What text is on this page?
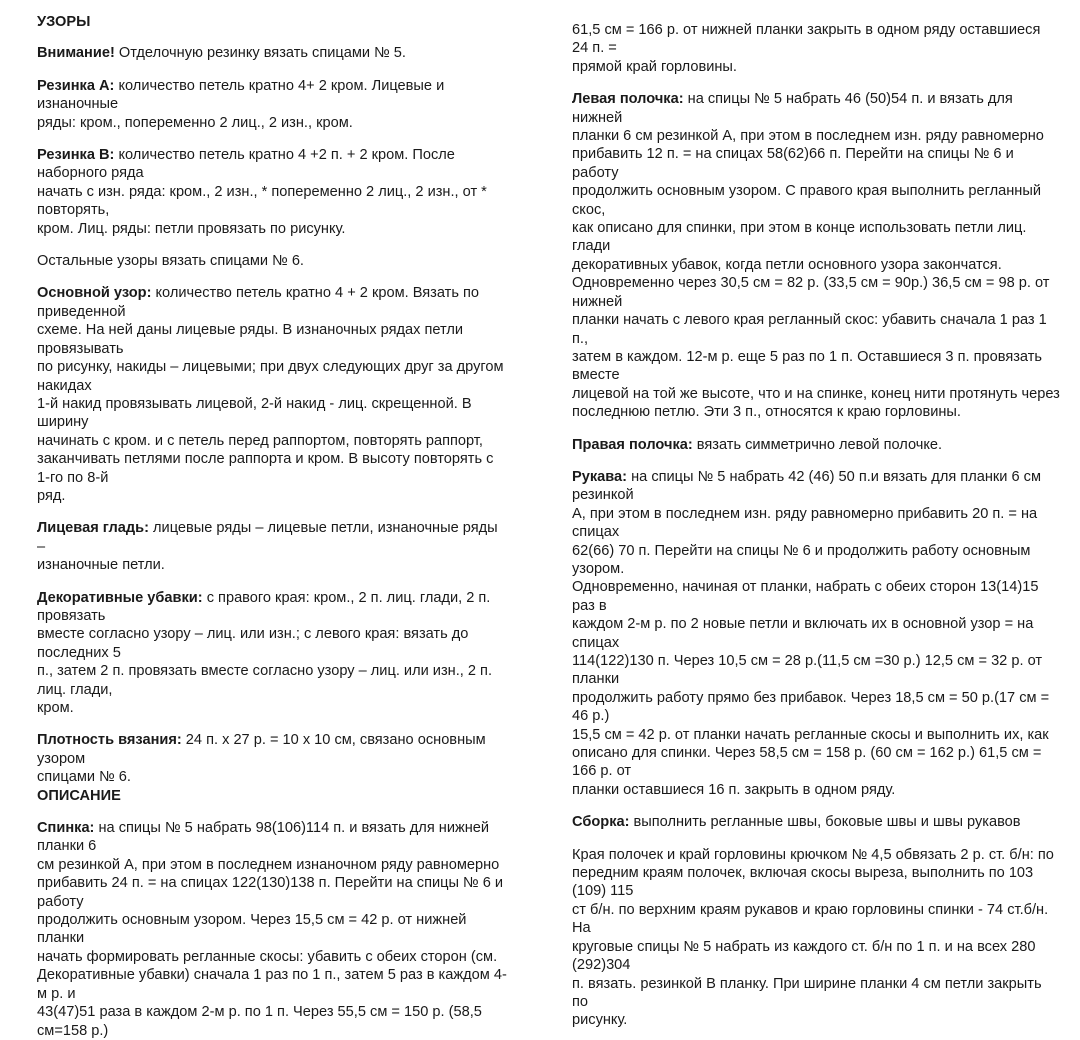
УЗОРЫ

Внимание! Отделочную резинку вязать спицами № 5.

Резинка А: количество петель кратно 4+ 2 кром. Лицевые и изнаночные
ряды: кром., попеременно 2 лиц., 2 изн., кром.

Резинка В: количество петель кратно 4 +2 п. + 2 кром. После наборного ряда
начать с изн. ряда: кром., 2 изн., * попеременно 2 лиц., 2 изн., от * повторять,
кром. Лиц. ряды: петли провязать по рисунку.

Остальные узоры вязать спицами № 6.

Основной узор: количество петель кратно 4 + 2 кром. Вязать по приведенной
схеме. На ней даны лицевые ряды. В изнаночных рядах петли провязывать
по рисунку, накиды – лицевыми; при двух следующих друг за другом накидах
1-й накид провязывать лицевой, 2-й накид - лиц. скрещенной. В ширину
начинать с кром. и с петель перед раппортом, повторять раппорт,
заканчивать петлями после раппорта и кром. В высоту повторять с 1-го по 8-й
ряд.

Лицевая гладь: лицевые ряды – лицевые петли, изнаночные ряды –
изнаночные петли.

Декоративные убавки: с правого края: кром., 2 п. лиц. глади, 2 п. провязать
вместе согласно узору – лиц. или изн.; с левого края: вязать до последних 5
п., затем 2 п. провязать вместе согласно узору – лиц. или изн., 2 п. лиц. глади,
кром.

Плотность вязания: 24 п. х 27 р. = 10 х 10 см, связано основным узором
спицами № 6.

ОПИСАНИЕ

Спинка: на спицы № 5 набрать 98(106)114 п. и вязать для нижней планки 6
см резинкой А, при этом в последнем изнаночном ряду равномерно
прибавить 24 п. = на спицах 122(130)138 п. Перейти на спицы № 6 и работу
продолжить основным узором. Через 15,5 см = 42 р. от нижней планки
начать формировать регланные скосы: убавить с обеих сторон (см.
Декоративные убавки) сначала 1 раз по 1 п., затем 5 раз в каждом 4-м р. и
43(47)51 раза в каждом 2-м р. по 1 п. Через 55,5 см = 150 р. (58,5 см=158 р.)

61,5 см = 166 р. от нижней планки закрыть в одном ряду оставшиеся 24 п. =
прямой край горловины.

Левая полочка: на спицы № 5 набрать 46 (50)54 п. и вязать для нижней
планки 6 см резинкой А, при этом в последнем изн. ряду равномерно
прибавить 12 п. = на спицах 58(62)66 п. Перейти на спицы № 6 и работу
продолжить основным узором. С правого края выполнить регланный скос,
как описано для спинки, при этом в конце использовать петли лиц. глади
декоративных убавок, когда петли основного узора закончатся.
Одновременно через 30,5 см = 82 р. (33,5 см = 90р.) 36,5 см = 98 р. от нижней
планки начать с левого края регланный скос: убавить сначала 1 раз 1 п.,
затем в каждом. 12-м р. еще 5 раз по 1 п. Оставшиеся 3 п. провязать вместе
лицевой на той же высоте, что и на спинке, конец нити протянуть через
последнюю петлю. Эти 3 п., относятся к краю горловины.

Правая полочка: вязать симметрично левой полочке.

Рукава: на спицы № 5 набрать 42 (46) 50 п.и вязать для планки 6 см резинкой
А, при этом в последнем изн. ряду равномерно прибавить 20 п. = на спицах
62(66) 70 п. Перейти на спицы № 6 и продолжить работу основным узором.
Одновременно, начиная от планки, набрать с обеих сторон 13(14)15 раз в
каждом 2-м р. по 2 новые петли и включать их в основной узор = на спицах
114(122)130 п. Через 10,5 см = 28 р.(11,5 см =30 р.) 12,5 см = 32 р. от планки
продолжить работу прямо без прибавок. Через 18,5 см = 50 р.(17 см = 46 р.)
15,5 см = 42 р. от планки начать регланные скосы и выполнить их, как
описано для спинки. Через 58,5 см = 158 р. (60 см = 162 р.) 61,5 см = 166 р. от
планки оставшиеся 16 п. закрыть в одном ряду.

Сборка: выполнить регланные швы, боковые швы и швы рукавов

Края полочек и край горловины крючком № 4,5 обвязать 2 р. ст. б/н: по
передним краям полочек, включая скосы выреза, выполнить по 103 (109) 115
ст б/н. по верхним краям рукавов и краю горловины спинки - 74 ст.б/н. На
круговые спицы № 5 набрать из каждого ст. б/н по 1 п. и на всех 280 (292)304
п. вязать. резинкой В планку. При ширине планки 4 см петли закрыть по
рисунку.
